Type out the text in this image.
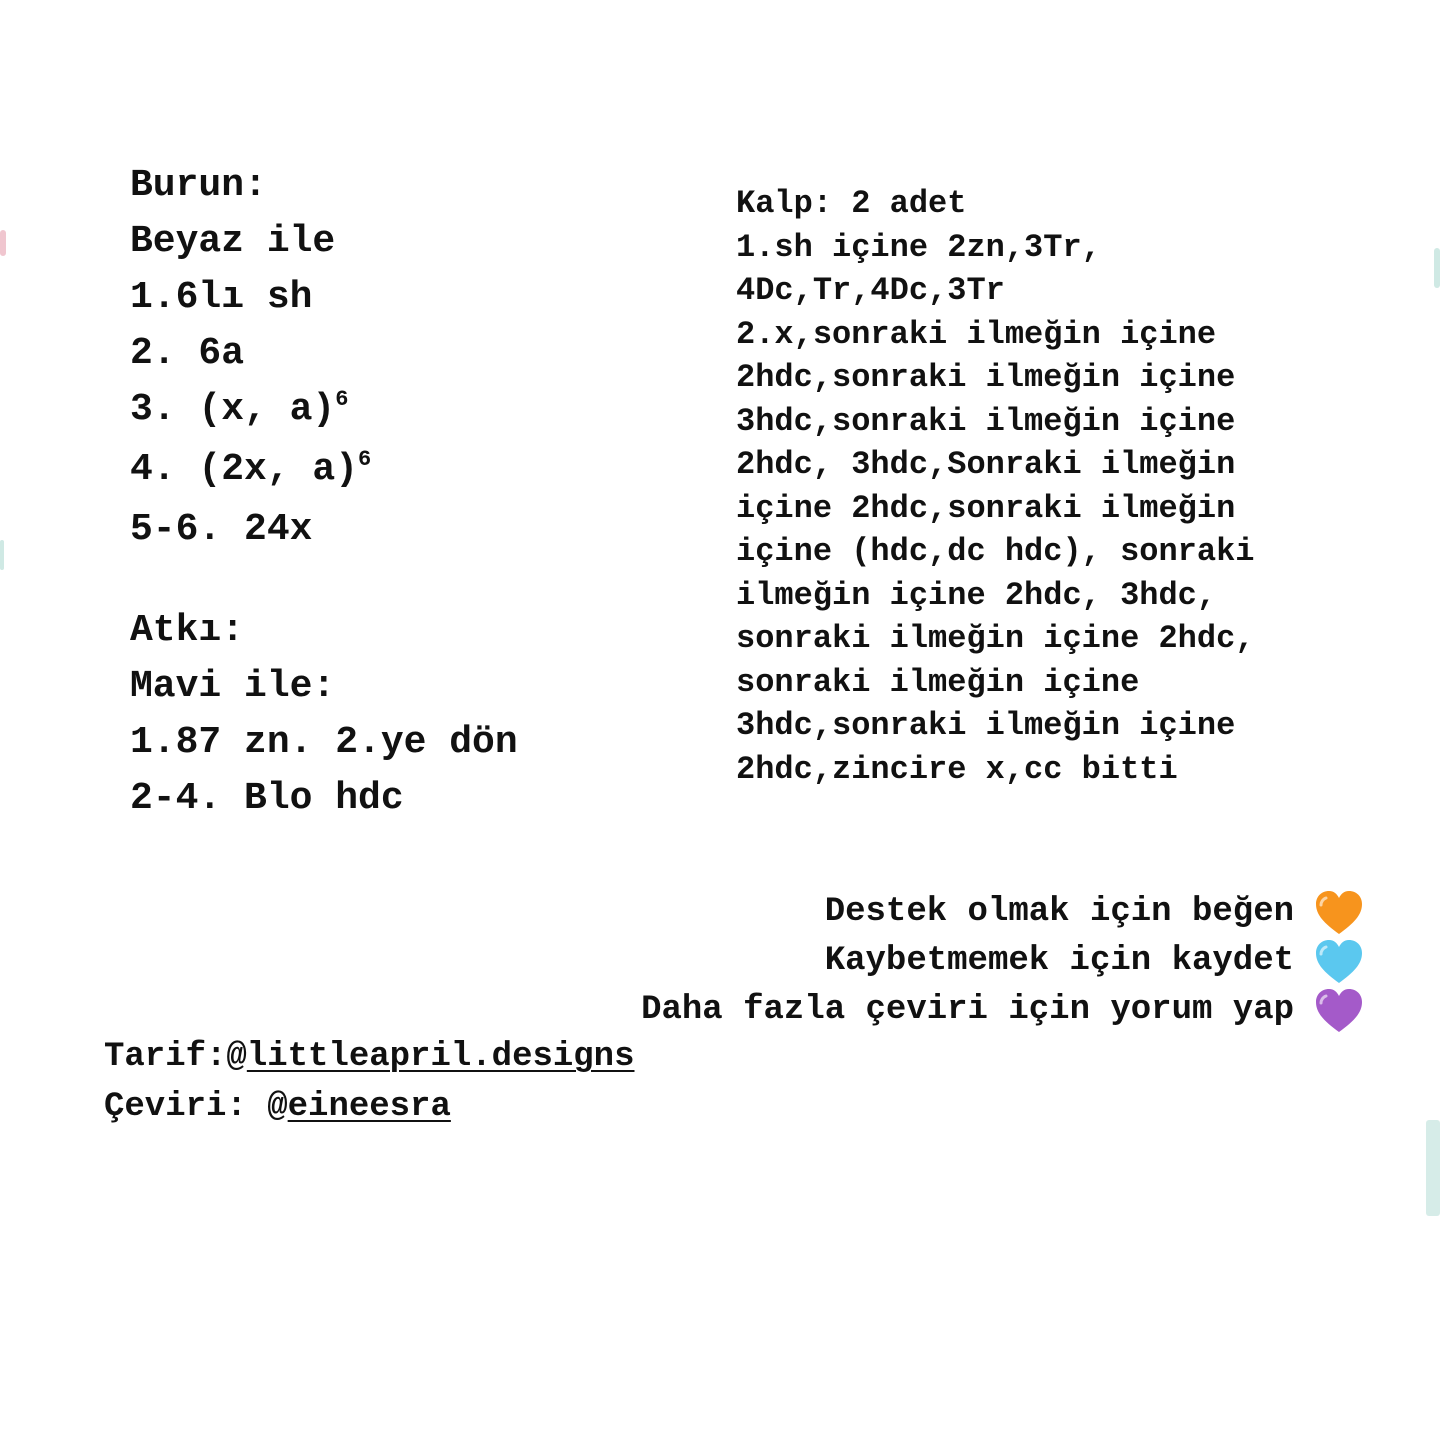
Burun:
Beyaz ile
1.6lı sh
2. 6a
3. (x, a)$^6$
4. (2x, a)$^6$
5-6. 24x
Atkı:
Mavi ile:
1.87 zn. 2.ye dön
2-4. Blo hdc
Kalp: 2 adet
1.sh içine 2zn,3Tr,
4Dc,Tr,4Dc,3Tr
2.x,sonraki ilmeğin içine
2hdc,sonraki ilmeğin içine
3hdc,sonraki ilmeğin içine
2hdc, 3hdc,Sonraki ilmeğin
içine 2hdc,sonraki ilmeğin
içine (hdc,dc hdc), sonraki
ilmeğin içine 2hdc, 3hdc,
sonraki ilmeğin içine 2hdc,
sonraki ilmeğin içine
3hdc,sonraki ilmeğin içine
2hdc,zincire x,cc bitti
Destek olmak için beğen

Kaybetmemek için kaydet

Daha fazla çeviri için yorum yap

Tarif:@littleapril.designs
Çeviri: @eineesra
